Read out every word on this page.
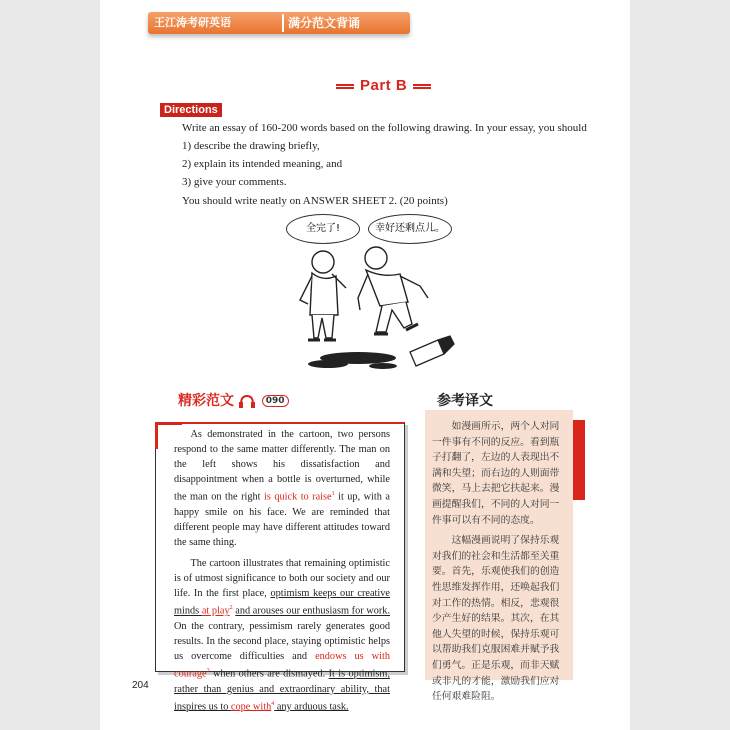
王江涛考研英语	满分范文背诵
Part B
Directions
Write an essay of 160-200 words based on the following drawing. In your essay, you should
1) describe the drawing briefly,
2) explain its intended meaning, and
3) give your comments.
You should write neatly on ANSWER SHEET 2. (20 points)
全完了!	幸好还剩点儿。
精彩范文	090	参考译文

As demonstrated in the cartoon, two persons respond to the same matter differently. The man on the left shows his dissatisfaction and disappointment when a bottle is overturned, while the man on the right is quick to raise$^1$ it up, with a happy smile on his face. We are reminded that different people may have different attitudes toward the same thing.

The cartoon illustrates that remaining optimistic is of utmost significance to both our society and our life. In the first place, optimism keeps our creative minds at play$^2$ and arouses our enthusiasm for work. On the contrary, pessimism rarely generates good results. In the second place, staying optimistic helps us overcome difficulties and endows us with courage$^3$ when others are dismayed. It is optimism, rather than genius and extraordinary ability, that inspires us to cope with$^4$ any arduous task.

如漫画所示，两个人对同一件事有不同的反应。看到瓶子打翻了，左边的人表现出不满和失望；而右边的人则面带微笑，马上去把它扶起来。漫画提醒我们，不同的人对同一件事可以有不同的态度。

这幅漫画说明了保持乐观对我们的社会和生活都至关重要。首先，乐观使我们的创造性思维发挥作用，还唤起我们对工作的热情。相反，悲观很少产生好的结果。其次，在其他人失望的时候，保持乐观可以帮助我们克服困难并赋予我们勇气。正是乐观，而非天赋或非凡的才能，激励我们应对任何艰难险阻。

204
